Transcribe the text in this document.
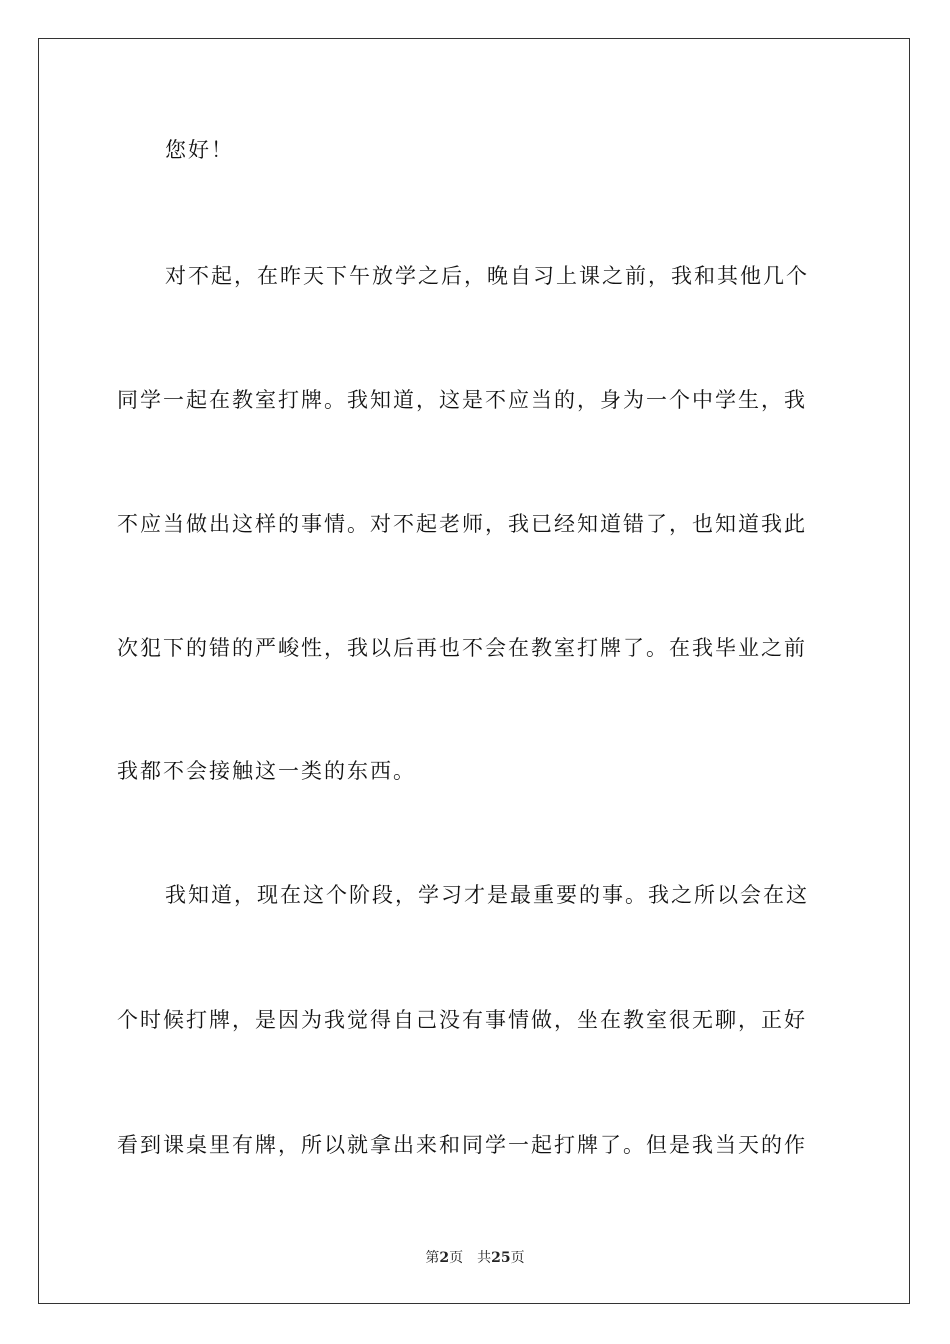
您好！
对不起，在昨天下午放学之后，晚自习上课之前，我和其他几个
同学一起在教室打牌。我知道，这是不应当的，身为一个中学生，我
不应当做出这样的事情。对不起老师，我已经知道错了，也知道我此
次犯下的错的严峻性，我以后再也不会在教室打牌了。在我毕业之前
我都不会接触这一类的东西。
我知道，现在这个阶段，学习才是最重要的事。我之所以会在这
个时候打牌，是因为我觉得自己没有事情做，坐在教室很无聊，正好
看到课桌里有牌，所以就拿出来和同学一起打牌了。但是我当天的作
第2页 共25页
